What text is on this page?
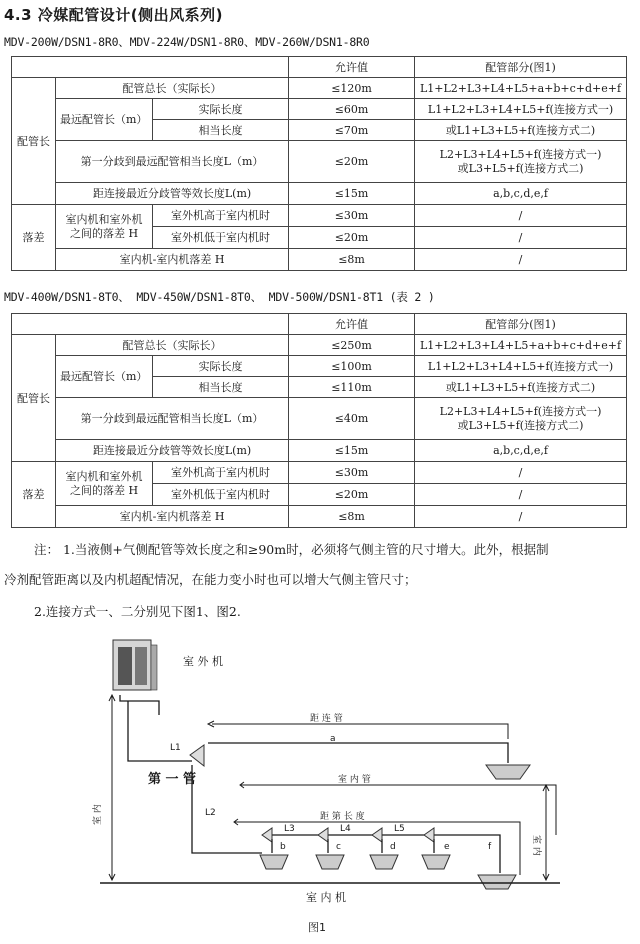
4.3 冷媒配管设计(侧出风系列)
MDV-200W/DSN1-8R0、MDV-224W/DSN1-8R0、MDV-260W/DSN1-8R0
			允许值	配管部分(图1)
配管长	配管总长（实际长）		≤120m	L1+L2+L3+L4+L5+a+b+c+d+e+f
	最远配管长（m）	实际长度	≤60m	L1+L2+L3+L4+L5+f(连接方式一)
		相当长度	≤70m	或L1+L3+L5+f(连接方式二)
	第一分歧到最远配管相当长度L（m）		≤20m	L2+L3+L4+L5+f(连接方式一)
或L3+L5+f(连接方式二)

	距连接最近分歧管等效长度L(m)		≤15m	a,b,c,d,e,f
落差	室内机和室外机
之间的落差 H	室外机高于室内机时	≤30m	/
		室外机低于室内机时	≤20m	/
	室内机-室内机落差 H		≤8m	/
MDV-400W/DSN1-8T0、 MDV-450W/DSN1-8T0、 MDV-500W/DSN1-8T1 (表 2 )
			允许值	配管部分(图1)
配管长	配管总长（实际长）		≤250m	L1+L2+L3+L4+L5+a+b+c+d+e+f
	最远配管长（m）	实际长度	≤100m	L1+L2+L3+L4+L5+f(连接方式一)
		相当长度	≤110m	或L1+L3+L5+f(连接方式二)
	第一分歧到最远配管相当长度L（m）		≤40m	L2+L3+L4+L5+f(连接方式一)
或L3+L5+f(连接方式二)

	距连接最近分歧管等效长度L(m)		≤15m	a,b,c,d,e,f
落差	室内机和室外机
之间的落差 H	室外机高于室内机时	≤30m	/
		室外机低于室内机时	≤20m	/
	室内机-室内机落差 H		≤8m	/
注： 1.当液侧+气侧配管等效长度之和≥90m时，必须将气侧主管的尺寸增大。此外，根据制
冷剂配管距离以及内机超配情况，在能力变小时也可以增大气侧主管尺寸；
2.连接方式一、二分别见下图1、图2.
室 外 机
距 连 管
a
室 内 管
L1
第 一 管
L2	距 第 长 度
L3	L4	L5
b	c	d	e	f
室 内
室 内
室 内 机
图1
